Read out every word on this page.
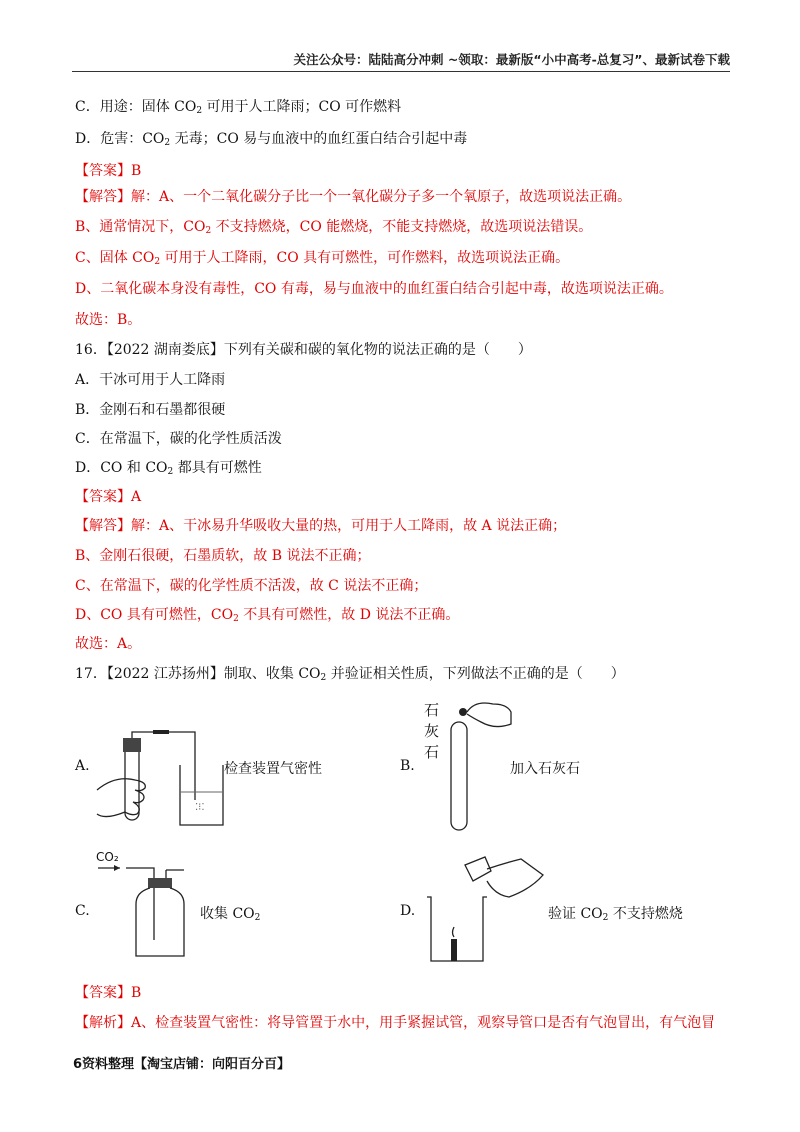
关注公众号：陆陆高分冲刺 ~领取：最新版“小中高考-总复习”、最新试卷下载
C．用途：固体 $CO_2$ 可用于人工降雨；CO 可作燃料
D．危害：$CO_2$ 无毒；CO 易与血液中的血红蛋白结合引起中毒
【答案】B
【解答】解：A、一个二氧化碳分子比一个一氧化碳分子多一个氧原子，故选项说法正确。
B、通常情况下，$CO_2$ 不支持燃烧，CO 能燃烧，不能支持燃烧，故选项说法错误。
C、固体 $CO_2$ 可用于人工降雨，CO 具有可燃性，可作燃料，故选项说法正确。
D、二氧化碳本身没有毒性，CO 有毒，易与血液中的血红蛋白结合引起中毒，故选项说法正确。
故选：B。
16．【2022 湖南娄底】下列有关碳和碳的氧化物的说法正确的是（　　）
A．干冰可用于人工降雨
B．金刚石和石墨都很硬
C．在常温下，碳的化学性质活泼
D．CO 和 $CO_2$ 都具有可燃性
【答案】A
【解答】解：A、干冰易升华吸收大量的热，可用于人工降雨，故 A 说法正确；
B、金刚石很硬，石墨质软，故 B 说法不正确；
C、在常温下，碳的化学性质不活泼，故 C 说法不正确；
D、CO 具有可燃性，$CO_2$ 不具有可燃性，故 D 说法不正确。
故选：A。
17．【2022 江苏扬州】制取、收集 $CO_2$ 并验证相关性质，下列做法不正确的是（　　）
A.
⁚⁝⁚
检查装置气密性	B.
石
灰
石
加入石灰石
C.
CO₂
收集 $CO_2$	D.	验证 $CO_2$ 不支持燃烧
【答案】B
【解析】A、检查装置气密性：将导管置于水中，用手紧握试管，观察导管口是否有气泡冒出，有气泡冒
6资料整理【淘宝店铺：向阳百分百】
